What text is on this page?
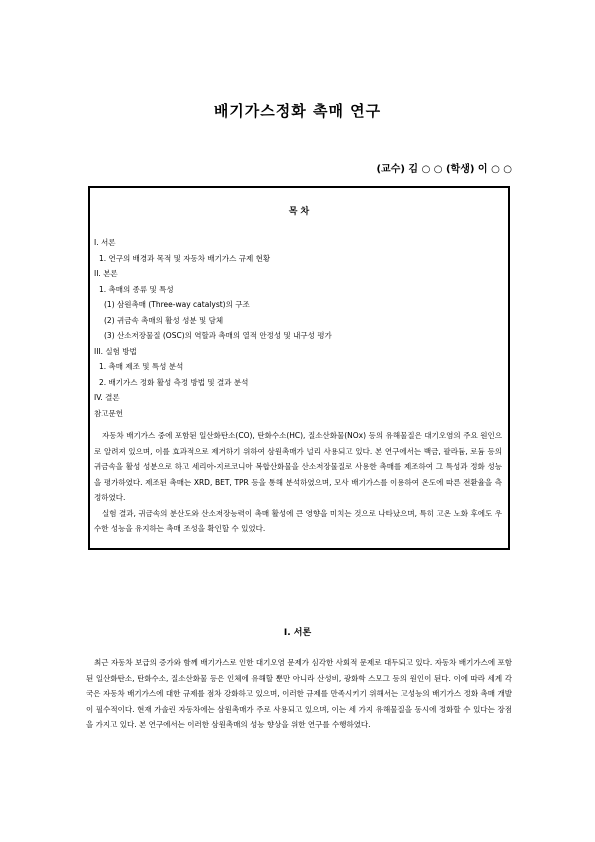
배기가스정화 촉매 연구
(교수) 김 ○ ○ (학생) 이 ○ ○
목 차
I. 서론
1. 연구의 배경과 목적 및 자동차 배기가스 규제 현황
II. 본론
1. 촉매의 종류 및 특성
(1) 삼원촉매 (Three-way catalyst)의 구조
(2) 귀금속 촉매의 활성 성분 및 담체
(3) 산소저장물질 (OSC)의 역할과 촉매의 열적 안정성 및 내구성 평가
III. 실험 방법
1. 촉매 제조 및 특성 분석
2. 배기가스 정화 활성 측정 방법 및 결과 분석
IV. 결론
참고문헌

자동차 배기가스 중에 포함된 일산화탄소(CO), 탄화수소(HC), 질소산화물(NOx) 등의 유해물질은 대기오염의 주요 원인으로 알려져 있으며, 이를 효과적으로 제거하기 위하여 삼원촉매가 널리 사용되고 있다. 본 연구에서는 백금, 팔라듐, 로듐 등의 귀금속을 활성 성분으로 하고 세리아-지르코니아 복합산화물을 산소저장물질로 사용한 촉매를 제조하여 그 특성과 정화 성능을 평가하였다. 제조된 촉매는 XRD, BET, TPR 등을 통해 분석하였으며, 모사 배기가스를 이용하여 온도에 따른 전환율을 측정하였다.

실험 결과, 귀금속의 분산도와 산소저장능력이 촉매 활성에 큰 영향을 미치는 것으로 나타났으며, 특히 고온 노화 후에도 우수한 성능을 유지하는 촉매 조성을 확인할 수 있었다.

I. 서론

최근 자동차 보급의 증가와 함께 배기가스로 인한 대기오염 문제가 심각한 사회적 문제로 대두되고 있다. 자동차 배기가스에 포함된 일산화탄소, 탄화수소, 질소산화물 등은 인체에 유해할 뿐만 아니라 산성비, 광화학 스모그 등의 원인이 된다. 이에 따라 세계 각국은 자동차 배기가스에 대한 규제를 점차 강화하고 있으며, 이러한 규제를 만족시키기 위해서는 고성능의 배기가스 정화 촉매 개발이 필수적이다. 현재 가솔린 자동차에는 삼원촉매가 주로 사용되고 있으며, 이는 세 가지 유해물질을 동시에 정화할 수 있다는 장점을 가지고 있다. 본 연구에서는 이러한 삼원촉매의 성능 향상을 위한 연구를 수행하였다.
